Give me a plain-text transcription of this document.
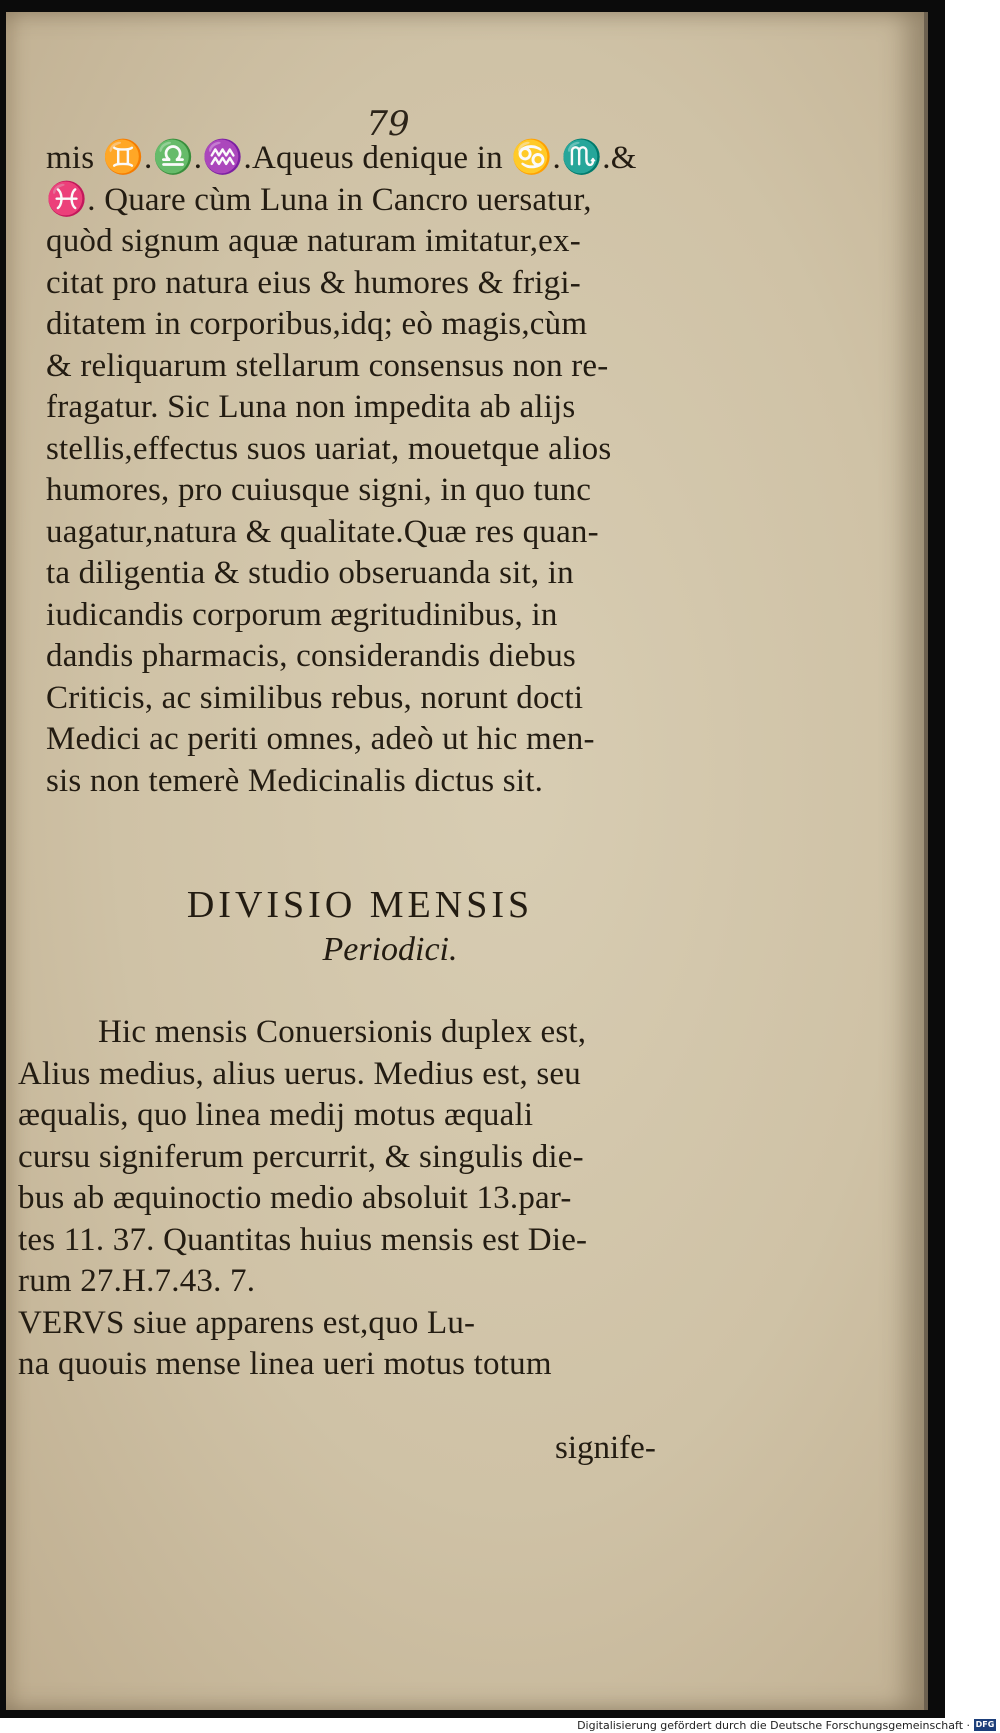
79
mis ♊.♎.♒.Aqueus denique in ♋.♏.&
♓. Quare cùm Luna in Cancro uersatur,
quòd signum aquæ naturam imitatur,ex-
citat pro natura eius & humores & frigi-
ditatem in corporibus,idq; eò magis,cùm
& reliquarum stellarum consensus non re-
fragatur. Sic Luna non impedita ab alijs
stellis,effectus suos uariat, mouetque alios
humores, pro cuiusque signi, in quo tunc
uagatur,natura & qualitate.Quæ res quan-
ta diligentia & studio obseruanda sit, in
iudicandis corporum ægritudinibus, in
dandis pharmacis, considerandis diebus
Criticis, ac similibus rebus, norunt docti
Medici ac periti omnes, adeò ut hic men-
sis non temerè Medicinalis dictus sit.
DIVISIO MENSIS
Periodici.
Hic mensis Conuersionis duplex est,
Alius medius, alius uerus. Medius est, seu
æqualis, quo linea medij motus æquali
cursu signiferum percurrit, & singulis die-
bus ab æquinoctio medio absoluit 13.par-
tes 11. 37. Quantitas huius mensis est Die-
rum 27.H.7.43. 7.
VERVS siue apparens est,quo Lu-
na quouis mense linea ueri motus totum
signife-
Digitalisierung gefördert durch die Deutsche Forschungsgemeinschaft · DFG
